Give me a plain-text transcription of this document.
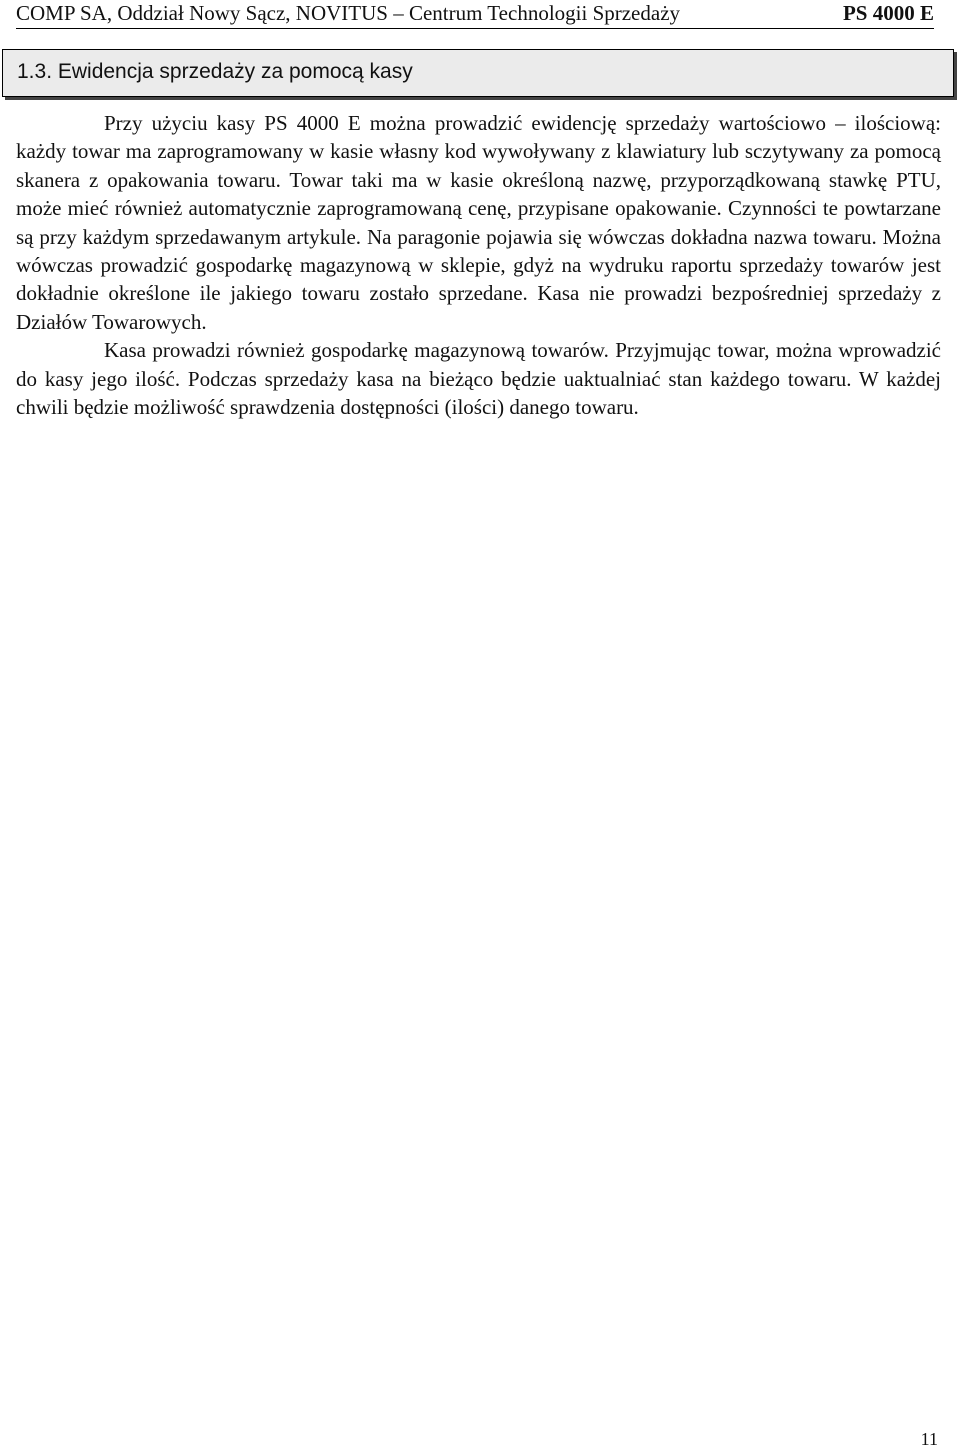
COMP SA, Oddział Nowy Sącz, NOVITUS – Centrum Technologii Sprzedaży	PS 4000 E
1.3. Ewidencja sprzedaży za pomocą kasy

Przy użyciu kasy PS 4000 E można prowadzić ewidencję sprzedaży wartościowo – ilościową: każdy towar ma zaprogramowany w kasie własny kod wywoływany z klawiatury lub sczytywany za pomocą skanera z opakowania towaru. Towar taki ma w kasie określoną nazwę, przyporządkowaną stawkę PTU, może mieć również automatycznie zaprogramowaną cenę, przypisane opakowanie. Czynności te powtarzane są przy każdym sprzedawanym artykule. Na paragonie pojawia się wówczas dokładna nazwa towaru. Można wówczas prowadzić gospodarkę magazynową w sklepie, gdyż na wydruku raportu sprzedaży towarów jest dokładnie określone ile jakiego towaru zostało sprzedane. Kasa nie prowadzi bezpośredniej sprzedaży z Działów Towarowych.

Kasa prowadzi również gospodarkę magazynową towarów. Przyjmując towar, można wprowadzić do kasy jego ilość. Podczas sprzedaży kasa na bieżąco będzie uaktualniać stan każdego towaru. W każdej chwili będzie możliwość sprawdzenia dostępności (ilości) danego towaru.

11
